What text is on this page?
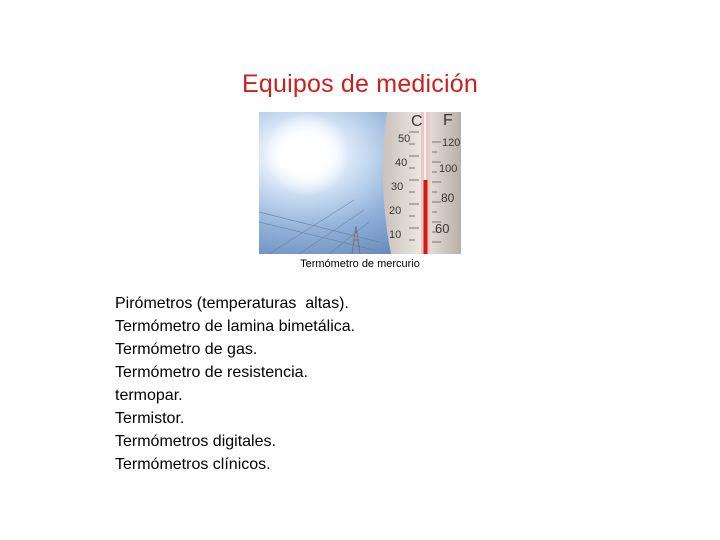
Equipos de medición
C F
50
40
30
20
10
120
100
80
60
Termómetro de mercurio
Pirómetros (temperaturas  altas).
Termómetro de lamina bimetálica.
Termómetro de gas.
Termómetro de resistencia.
termopar.
Termistor.
Termómetros digitales.
Termómetros clínicos.
